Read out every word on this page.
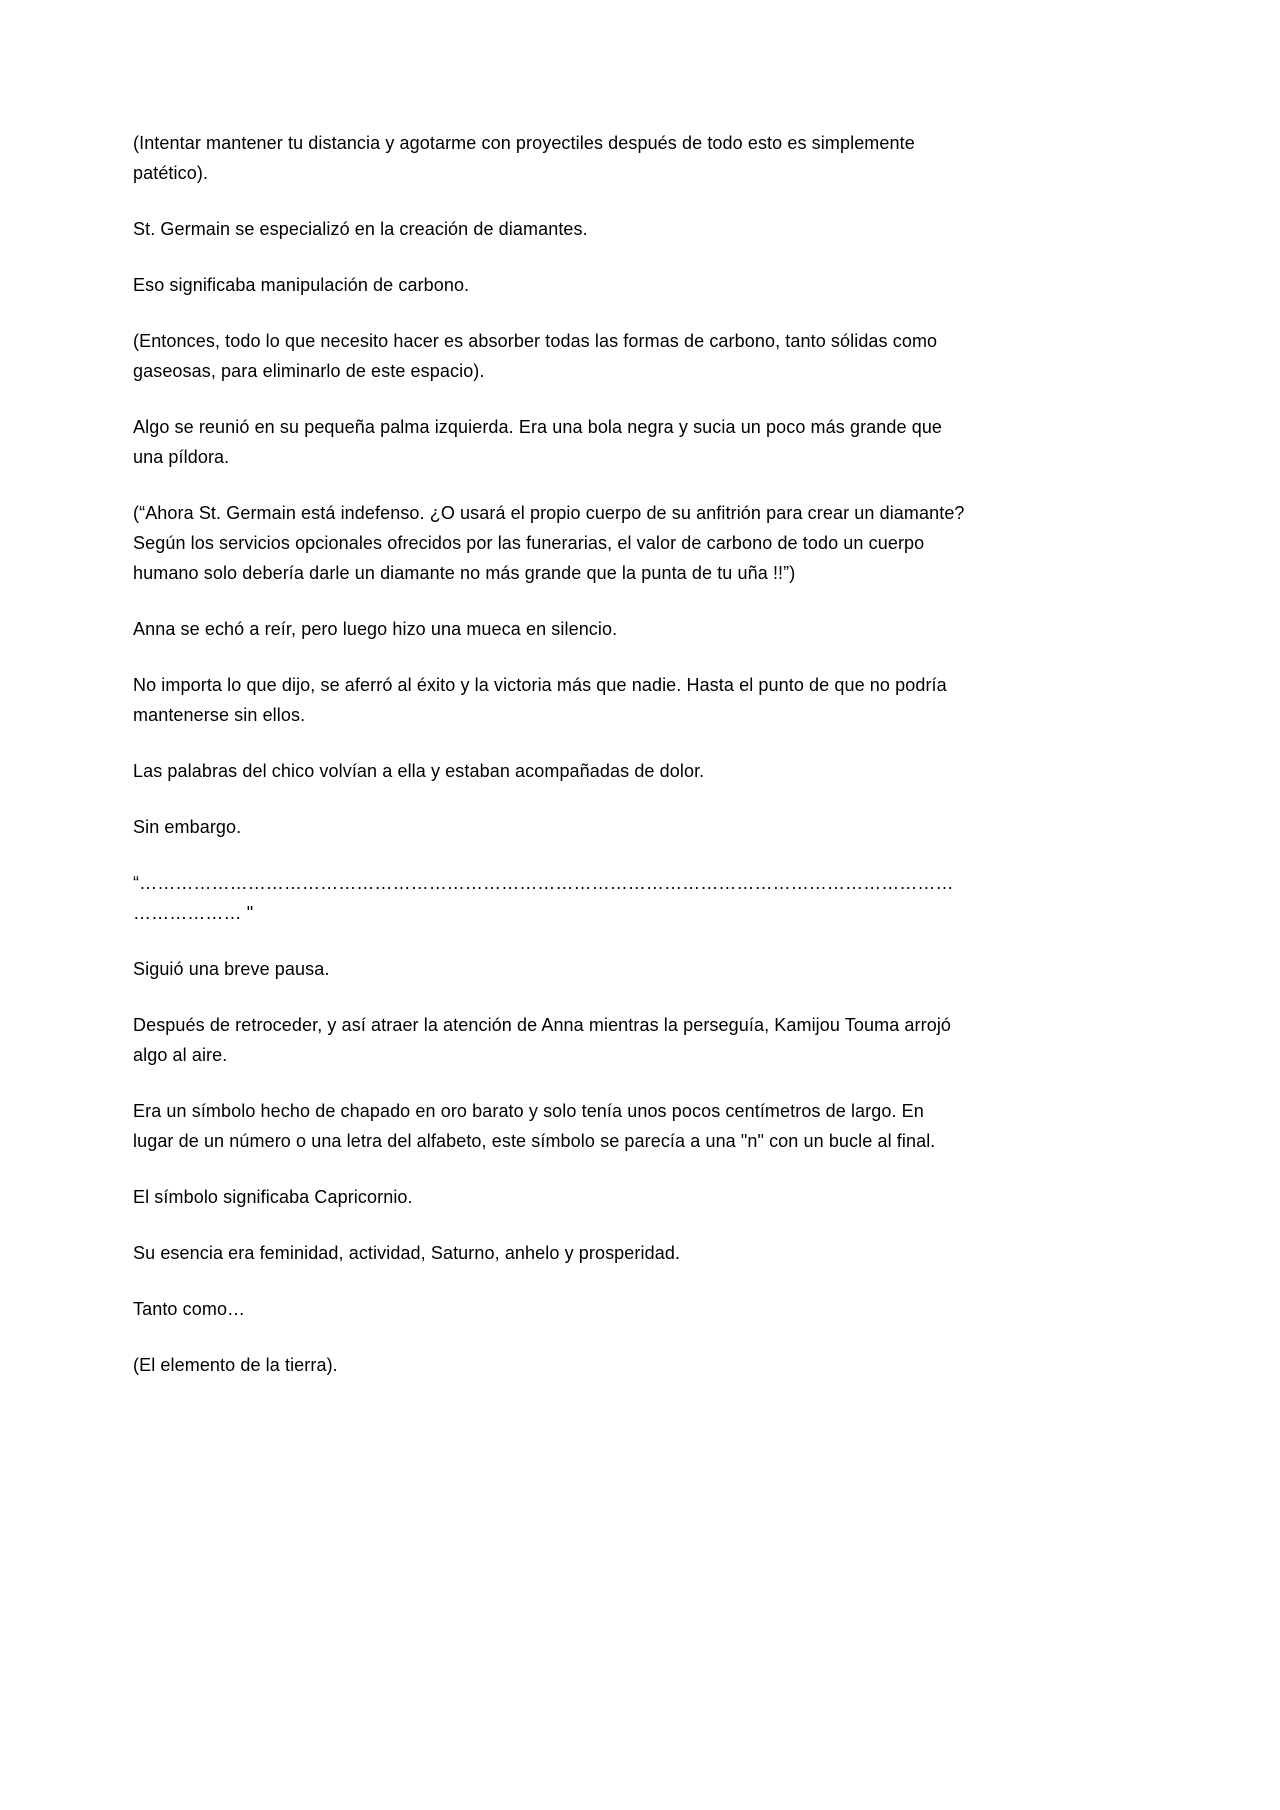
(Intentar mantener tu distancia y agotarme con proyectiles después de todo esto es simplemente patético).

St. Germain se especializó en la creación de diamantes.

Eso significaba manipulación de carbono.

(Entonces, todo lo que necesito hacer es absorber todas las formas de carbono, tanto sólidas como gaseosas, para eliminarlo de este espacio).

Algo se reunió en su pequeña palma izquierda. Era una bola negra y sucia un poco más grande que una píldora.

(“Ahora St. Germain está indefenso. ¿O usará el propio cuerpo de su anfitrión para crear un diamante? Según los servicios opcionales ofrecidos por las funerarias, el valor de carbono de todo un cuerpo humano solo debería darle un diamante no más grande que la punta de tu uña !!”)

Anna se echó a reír, pero luego hizo una mueca en silencio.

No importa lo que dijo, se aferró al éxito y la victoria más que nadie. Hasta el punto de que no podría mantenerse sin ellos.

Las palabras del chico volvían a ella y estaban acompañadas de dolor.

Sin embargo.

“……………………………………………………………………………………………………………………………………… "

Siguió una breve pausa.

Después de retroceder, y así atraer la atención de Anna mientras la perseguía, Kamijou Touma arrojó algo al aire.

Era un símbolo hecho de chapado en oro barato y solo tenía unos pocos centímetros de largo. En lugar de un número o una letra del alfabeto, este símbolo se parecía a una "n" con un bucle al final.

El símbolo significaba Capricornio.

Su esencia era feminidad, actividad, Saturno, anhelo y prosperidad.

Tanto como…

(El elemento de la tierra).
